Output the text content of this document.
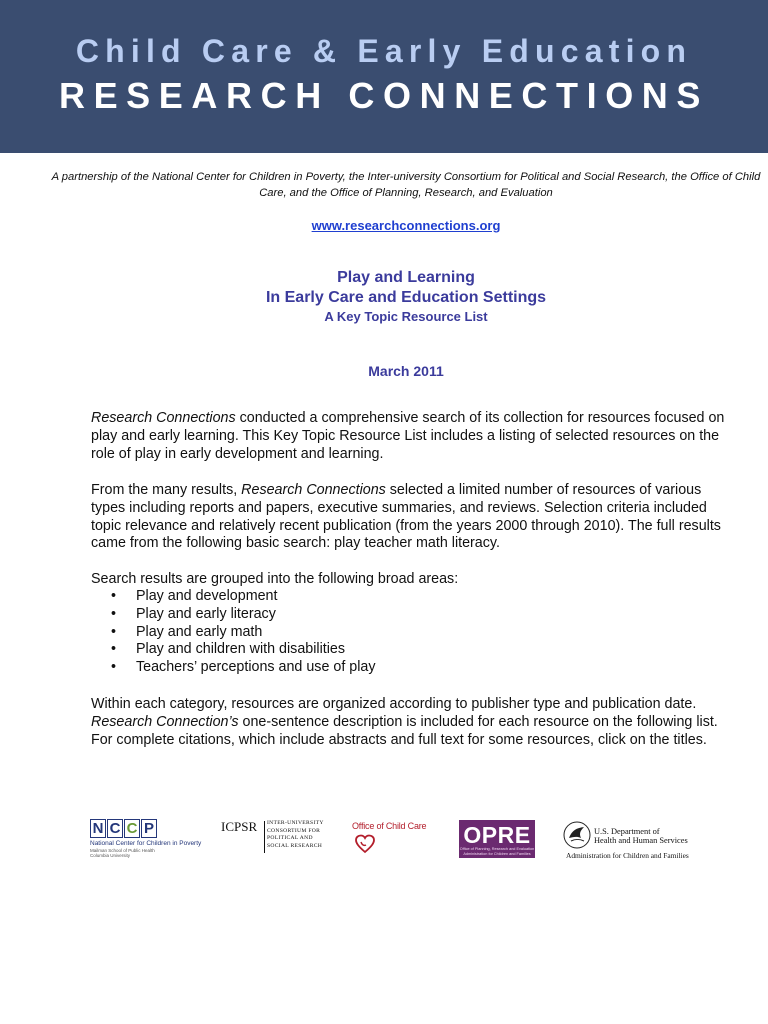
Child Care & Early Education
RESEARCH CONNECTIONS
A partnership of the National Center for Children in Poverty, the Inter-university Consortium for Political and Social Research, the Office of Child Care, and the Office of Planning, Research, and Evaluation
www.researchconnections.org
Play and Learning
In Early Care and Education Settings
A Key Topic Resource List
March 2011
Research Connections conducted a comprehensive search of its collection for resources focused on play and early learning. This Key Topic Resource List includes a listing of selected resources on the role of play in early development and learning.
From the many results, Research Connections selected a limited number of resources of various types including reports and papers, executive summaries, and reviews. Selection criteria included topic relevance and relatively recent publication (from the years 2000 through 2010). The full results came from the following basic search: play teacher math literacy.
Search results are grouped into the following broad areas:
• Play and development
• Play and early literacy
• Play and early math
• Play and children with disabilities
• Teachers’ perceptions and use of play
Within each category, resources are organized according to publisher type and publication date. Research Connection’s one-sentence description is included for each resource on the following list. For complete citations, which include abstracts and full text for some resources, click on the titles.
N C C P
National Center for Children in Poverty
Mailman School of Public Health
Columbia University
ICPSR INTER-UNIVERSITY
CONSORTIUM FOR
POLITICAL AND
SOCIAL RESEARCH
Office of Child Care OPRE
Office of Planning, Research and Evaluation
Administration for Children and Families
U.S. Department of
Health and Human Services
Administration for Children and Families
